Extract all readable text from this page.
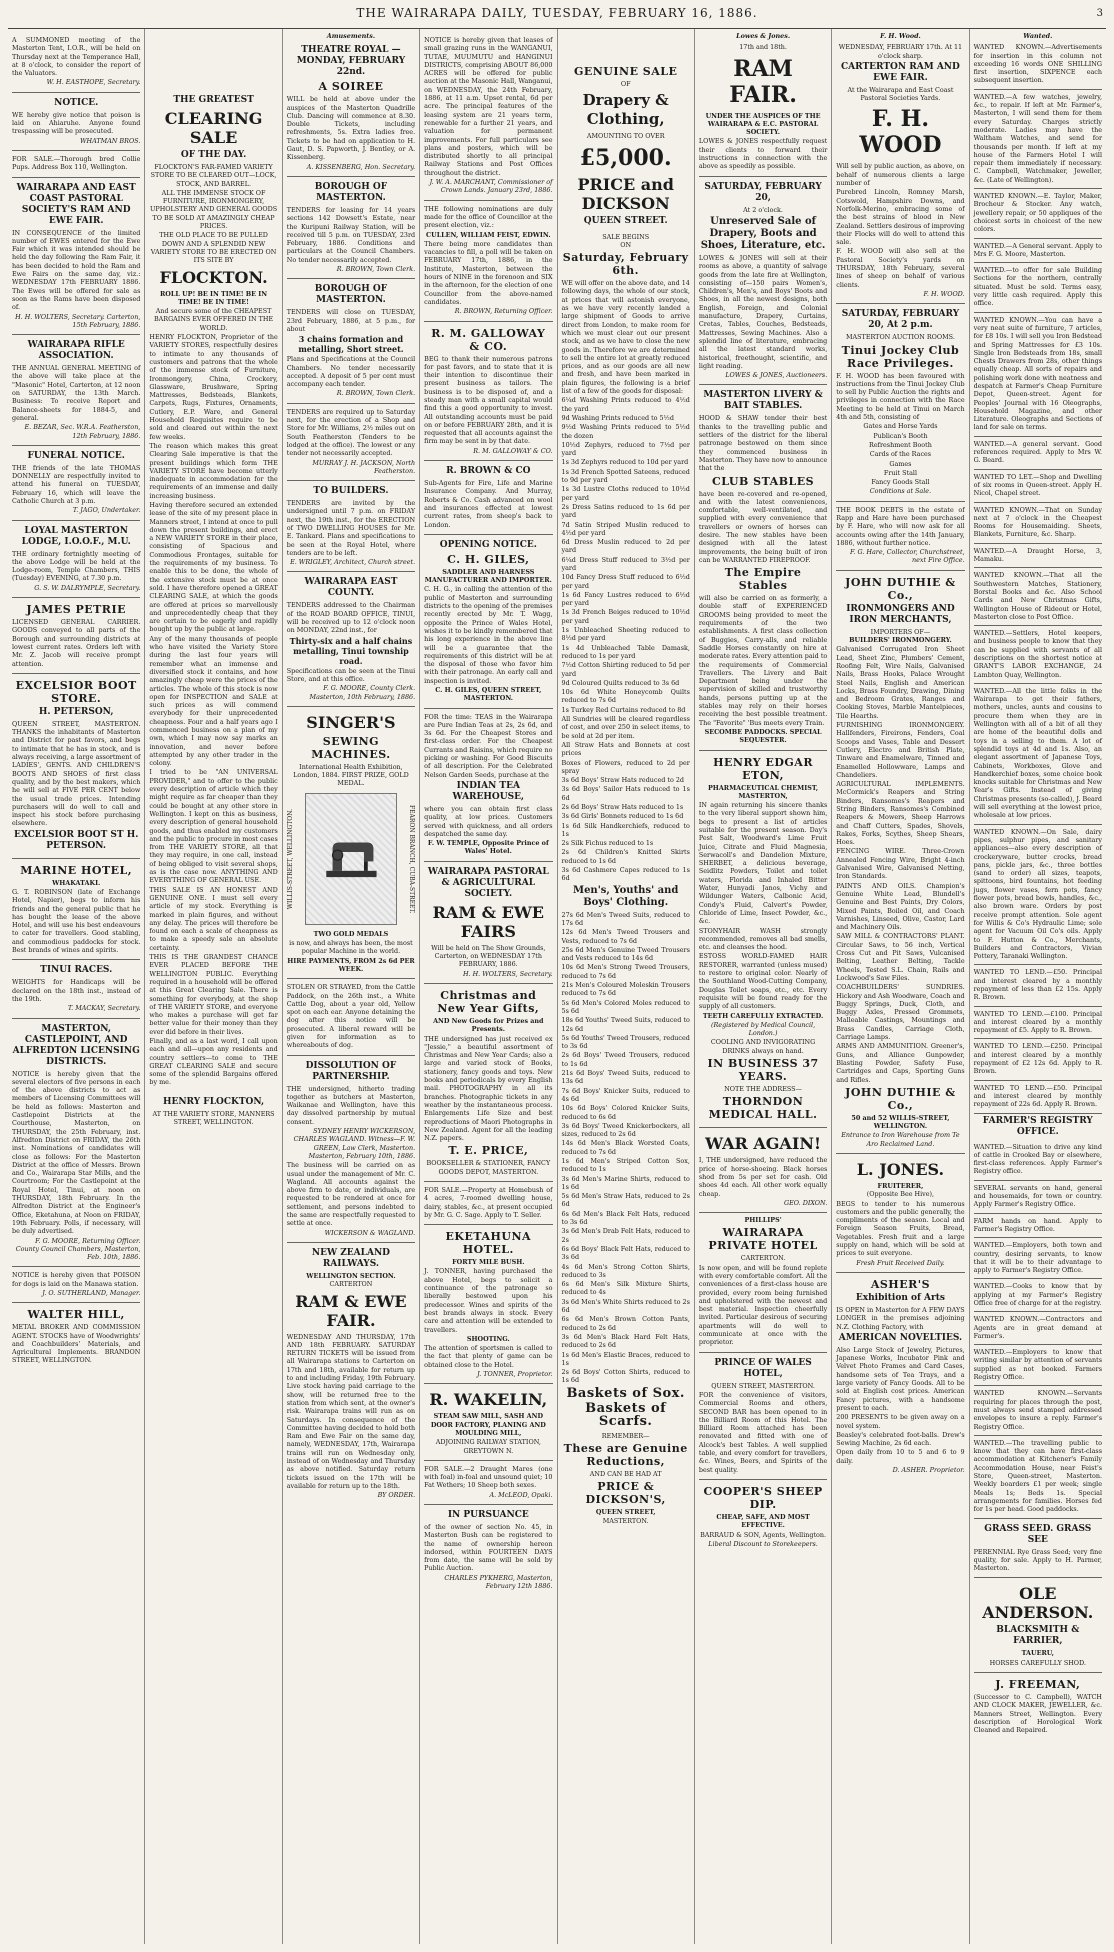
THE WAIRARAPA DAILY, TUESDAY, FEBRUARY 16, 1886.	3

A SUMMONED meeting of the Masterton Tent, I.O.R., will be held on Thursday next at the Temperance Hall, at 8 o'clock, to consider the report of the Valuators.

W. H. EASTHOPE, Secretary.

NOTICE.

WE hereby give notice that poison is laid on Ahiaruhe. Anyone found trespassing will be prosecuted.

WHATMAN BROS.

FOR SALE.—Thorough bred Collie Pups. Address Box 110, Wellington.

WAIRARAPA AND EAST COAST PASTORAL SOCIETY'S RAM AND EWE FAIR.

IN CONSEQUENCE of the limited number of EWES entered for the Ewe Fair which it was intended should be held the day following the Ram Fair, it has been decided to hold the Ram and Ewe Fairs on the same day, viz.: WEDNESDAY 17th FEBRUARY 1886. The Ewes will be offered for sale as soon as the Rams have been disposed of.

H. H. WOLTERS, Secretary. Carterton, 15th February, 1886.

WAIRARAPA RIFLE ASSOCIATION.

THE ANNUAL GENERAL MEETING of the above will take place at the "Masonic" Hotel, Carterton, at 12 noon on SATURDAY, the 13th March. Business: To receive Report and Balance-sheets for 1884-5, and general.

E. BEZAR, Sec. W.R.A. Featherston, 12th February, 1886.

FUNERAL NOTICE.

THE friends of the late THOMAS DONNELLY are respectfully invited to attend his funeral on TUESDAY, February 16, which will leave the Catholic Church at 3 p.m.

T. JAGO, Undertaker.

LOYAL MASTERTON LODGE, I.O.O.F., M.U.

THE ordinary fortnightly meeting of the above Lodge will be held at the Lodge-room, Temple Chambers, THIS (Tuesday) EVENING, at 7.30 p.m.

G. S. W. DALRYMPLE, Secretary.

JAMES PETRIE

LICENSED GENERAL CARRIER. GOODS conveyed to all parts of the Borough and surrounding districts at lowest current rates. Orders left with Mr. Z. Jacob will receive prompt attention.

EXCELSIOR BOOT STORE.
H. PETERSON,

QUEEN STREET, MASTERTON. THANKS the inhabitants of Masterton and District for past favors, and begs to intimate that he has in stock, and is always receiving, a large assortment of LADIES', GENTS. AND CHILDREN'S BOOTS AND SHOES of first class quality, and by the best makers, which he will sell at FIVE PER CENT below the usual trade prices. Intending purchasers will do well to call and inspect his stock before purchasing elsewhere.

EXCELSIOR BOOT ST H. PETERSON.
MARINE HOTEL,
WHAKATAKI.

G. T. ROBINSON (late of Exchange Hotel, Napier), begs to inform his friends and the general public that he has bought the lease of the above Hotel, and will use his best endeavours to cater for travellers. Good stabling, and commodious paddocks for stock. Best brands of wines and spirits.

TINUI RACES.

WEIGHTS for Handicaps will be declared on the 18th inst., instead of the 19th.

T. MACKAY, Secretary.

MASTERTON, CASTLEPOINT, AND ALFREDTON LICENSING DISTRICTS.

NOTICE is hereby given that the several electors of five persons in each of the above districts to act as members of Licensing Committees will be held as follows: Masterton and Castlepoint Districts at the Courthouse, Masterton, on THURSDAY, the 25th February, inst. Alfredton District on FRIDAY, the 26th inst. Nominations of candidates will close as follows: For the Masterton District at the office of Messrs. Brown and Co., Wairarapa Star Mills, and the Courtroom; For the Castlepoint at the Royal Hotel, Tinui, at noon on THURSDAY, 18th February. In the Alfredton District at the Engineer's Office, Eketahuna, at Noon on FRIDAY, 19th February. Polls, if necessary, will be duly advertised.

F. G. MOORE, Returning Officer. County Council Chambers, Masterton, Feb. 10th, 1886.

NOTICE is hereby given that POISON for dogs is laid on the Manawa station.

J. O. SUTHERLAND, Manager.

WALTER HILL,

METAL BROKER AND COMMISSION AGENT. STOCKS have of Woodwrights' and Coachbuilders' Materials, and Agricultural Implements. BRANDON STREET, WELLINGTON.

THE GREATEST
CLEARING SALE
OF THE DAY.

FLOCKTON'S FAR-FAMED VARIETY STORE TO BE CLEARED OUT—LOCK, STOCK, AND BARREL.

ALL THE IMMENSE STOCK OF FURNITURE, IRONMONGERY, UPHOLSTERY AND GENERAL GOODS TO BE SOLD AT AMAZINGLY CHEAP PRICES.

THE OLD PLACE TO BE PULLED DOWN AND A SPLENDID NEW VARIETY STORE TO BE ERECTED ON ITS SITE BY

FLOCKTON.

ROLL UP! BE IN TIME! BE IN TIME! BE IN TIME!

And secure some of the CHEAPEST BARGAINS EVER OFFERED IN THE WORLD.

HENRY FLOCKTON, Proprietor of the VARIETY STORES, respectfully desires to intimate to any thousands of customers and patrons that the whole of the immense stock of Furniture, Ironmongery, China, Crockery, Glassware, Brushware, Spring Mattresses, Bedsteads, Blankets, Carpets, Rugs, Fixtures, Ornaments, Cutlery, E.P. Ware, and General Household Requisites require to be sold and cleared out within the next few weeks.

The reason which makes this great Clearing Sale imperative is that the present buildings which form THE VARIETY STORE have become utterly inadequate in accommodation for the requirements of an immense and daily increasing business.

Having therefore secured an extended lease of the site of my present place in Manners street, I intend at once to pull down the present buildings, and erect a NEW VARIETY STORE in their place, consisting of Spacious and Commodious Frontages, suitable for the requirements of my business. To enable this to be done, the whole of the extensive stock must be at once sold. I have therefore opened a GREAT CLEARING SALE, at which the goods are offered at prices so marvellously and unprecedentedly cheap that they are certain to be eagerly and rapidly bought up by the public at large.

Any of the many thousands of people who have visited the Variety Store during the last four years will remember what an immense and diversified stock it contains, and how amazingly cheap were the prices of the articles. The whole of this stock is now open for INSPECTION and SALE at such prices as will commend everybody for their unprecedented cheapness. Four and a half years ago I commenced business on a plan of my own, which I may now say marks an innovation, and never before attempted by any other trader in the colony.

I tried to be "AN UNIVERSAL PROVIDER," and to offer to the public every description of article which they might require as far cheaper than they could be bought at any other store in Wellington. I kept on this as business, every description of general household goods, and thus enabled my customers and the public to procure in most cases from THE VARIETY STORE, all that they may require, in one call, instead of being obliged to visit several shops, as is the case now. ANYTHING AND EVERYTHING OF GENERAL USE.

THIS SALE IS AN HONEST AND GENUINE ONE. I must sell every article of my stock. Everything is marked in plain figures, and without any delay. The prices will therefore be found on each a scale of cheapness as to make a speedy sale an absolute certainty.

THIS IS THE GRANDEST CHANCE EVER PLACED BEFORE THE WELLINGTON PUBLIC. Everything required in a household will be offered at this Great Clearing Sale. There is something for everybody, at the shop of THE VARIETY STORE, and everyone who makes a purchase will get far better value for their money than they ever did before in their lives.

Finally, and as a last word, I call upon each and all—upon any residents and country settlers—to come to THE GREAT CLEARING SALE and secure some of the splendid Bargains offered by me.

HENRY FLOCKTON,

AT THE VARIETY STORE, MANNERS STREET, WELLINGTON.

Amusements.
THEATRE ROYAL — MONDAY, FEBRUARY 22nd.
A SOIREE

WILL be held at above under the auspices of the Masterton Quadrille Club. Dancing will commence at 8.30. Double Tickets, including refreshments, 5s. Extra ladies free. Tickets to be had on application to H. Gaut, D. S. Papworth, J. Bentley, or A. Kissenberg.

A. KISSENBERG, Hon. Secretary.

BOROUGH OF MASTERTON.

TENDERS for leasing for 14 years sections 142 Dowsett's Estate, near the Kuripuni Railway Station, will be received till 5 p.m. on TUESDAY, 23rd February, 1886. Conditions and particulars at the Council Chambers. No tender necessarily accepted.

R. BROWN, Town Clerk.

BOROUGH OF MASTERTON.

TENDERS will close on TUESDAY, 23rd February, 1886, at 5 p.m., for about

3 chains formation and metalling, Short street.

Plans and Specifications at the Council Chambers. No tender necessarily accepted. A deposit of 5 per cent must accompany each tender.

R. BROWN, Town Clerk.

TENDERS are required up to Saturday next, for the erection of a Shop and Store for Mr. Williams, 2½ miles out on South Featherston (Tenders to be lodged at the office). The lowest or any tender not necessarily accepted.

MURRAY J. H. JACKSON, North Featherston.

TO BUILDERS.

TENDERS are invited by the undersigned until 7 p.m. on FRIDAY next, the 19th inst., for the ERECTION of TWO DWELLING HOUSES for Mr. E. Tankard. Plans and specifications to be seen at the Royal Hotel, where tenders are to be left.

E. WRIGLEY, Architect, Church street.

WAIRARAPA EAST COUNTY.

TENDERS addressed to the Chairman of the ROAD BOARD OFFICE, TINUI, will be received up to 12 o'clock noon on MONDAY, 22nd inst., for

Thirty-six and a half chains metalling, Tinui township road.

Specifications can be seen at the Tinui Store, and at this office.

F. G. MOORE, County Clerk. Masterton, 10th February, 1886.

SINGER'S
SEWING MACHINES.

International Health Exhibition, London, 1884. FIRST PRIZE, GOLD MEDAL.

WILLIS-STREET, WELLINGTON.	FEARON BRANCH, CUBA-STREET.

TWO GOLD MEDALS

is now, and always has been, the most popular Machine in the world.

HIRE PAYMENTS, FROM 2s 6d PER WEEK.

STOLEN OR STRAYED, from the Cattle Paddock, on the 26th inst., a White Cattle Dog, about a year old, Yellow spot on each ear. Anyone detaining the dog after this notice will be prosecuted. A liberal reward will be given for information as to whereabouts of dog.

DISSOLUTION OF PARTNERSHIP.

THE undersigned, hitherto trading together as butchers at Masterton, Waikanae and Wellington, have this day dissolved partnership by mutual consent.

SYDNEY HENRY WICKERSON, CHARLES WAGLAND. Witness—F. W. GREEN, Law Clerk, Masterton. Masterton, February 10th, 1886.

The business will be carried on as usual under the management of Mr. C. Wagland. All accounts against the above firm to date, or individuals, are requested to be rendered at once for settlement, and persons indebted to the same are respectfully requested to settle at once.

WICKERSON & WAGLAND.

NEW ZEALAND RAILWAYS.
WELLINGTON SECTION.
CARTERTON
RAM & EWE FAIR.

WEDNESDAY AND THURSDAY, 17th AND 18th FEBRUARY. SATURDAY RETURN TICKETS will be issued from all Wairarapa stations to Carterton on 17th and 18th, available for return up to and including Friday, 19th February. Live stock having paid carriage to the show, will be returned free to the station from which sent, at the owner's risk. Wairarapa trains will run as on Saturdays. In consequence of the Committee having decided to hold both Ram and Ewe Fair on the same day, namely, WEDNESDAY, 17th, Wairarapa trains will run on Wednesday only, instead of on Wednesday and Thursday as above notified. Saturday return tickets issued on the 17th will be available for return up to the 18th.

BY ORDER.

NOTICE is hereby given that leases of small grazing runs in the WANGANUI, TUTAE, MUUMUTU and HANGINUI DISTRICTS, comprising ABOUT 86,000 ACRES will be offered for public auction at the Masonic Hall, Wanganui, on WEDNESDAY, the 24th February, 1886, at 11 a.m. Upset rental, 6d per acre. The principal features of the leasing system are 21 years term, renewable for a further 21 years, and valuation for permanent improvements. For full particulars see plans and posters, which will be distributed shortly to all principal Railway Stations and Post Offices throughout the district.

J. W. A. MARCHANT, Commissioner of Crown Lands. January 23rd, 1886.

THE following nominations are duly made for the office of Councillor at the present election, viz.:

CULLEN, WILLIAM FEIST, EDWIN.

There being more candidates than vacancies to fill, a poll will be taken on FEBRUARY 17th, 1886, in the Institute, Masterton, between the hours of NINE in the forenoon and SIX in the afternoon, for the election of one Councillor from the above-named candidates.

R. BROWN, Returning Officer.

R. M. GALLOWAY & CO.

BEG to thank their numerous patrons for past favors, and to state that it is their intention to discontinue their present business as tailors. The business is to be disposed of, and a steady man with a small capital would find this a good opportunity to invest. All outstanding accounts must be paid on or before FEBRUARY 28th, and it is requested that all accounts against the firm may be sent in by that date.

R. M. GALLOWAY & CO.

R. BROWN & CO

Sub-Agents for Fire, Life and Marine Insurance Company. And Murray, Roberts & Co. Cash advanced on wool and insurances effected at lowest current rates, from sheep's back to London.

OPENING NOTICE.
C. H. GILES,
SADDLER AND HARNESS MANUFACTURER AND IMPORTER.

C. H. G., in calling the attention of the public of Masterton and surrounding districts to the opening of the premises recently erected by Mr. T. Wagg, opposite the Prince of Wales Hotel, wishes it to be kindly remembered that his long experience in the above line will be a guarantee that the requirements of this district will be at the disposal of those who favor him with their patronage. An early call and inspection is invited.

C. H. GILES, QUEEN STREET, MASTERTON.

FOR the time: TEAS in the Wairarapa are Pure Indian Teas at 2s, 2s 6d, and 3s 6d. For the Cheapest Stores and first-class order. For the Cheapest Currants and Raisins, which require no picking or washing. For Good Biscuits of all description. For the Celebrated Nelson Garden Seeds, purchase at the

INDIAN TEA WAREHOUSE,

where you can obtain first class quality, at low prices. Customers served with quickness, and all orders despatched the same day.

F. W. TEMPLE, Opposite Prince of Wales' Hotel.

WAIRARAPA PASTORAL & AGRICULTURAL SOCIETY.
RAM & EWE FAIRS

Will be held on The Show Grounds, Carterton, on WEDNESDAY 17th FEBRUARY, 1886.

H. H. WOLTERS, Secretary.

Christmas and New Year Gifts,
AND New Goods for Prizes and Presents.

THE undersigned has just received ex "Jessie," a beautiful assortment of Christmas and New Year Cards; also a large and varied stock of Books, stationery, fancy goods and toys. New books and periodicals by every English mail. PHOTOGRAPHY in all its branches. Photographic tickets in any weather by the instantaneous process. Enlargements Life Size and best reproductions of Maori Photographs in New Zealand. Agent for all the leading N.Z. papers.

T. E. PRICE,

BOOKSELLER & STATIONER, FANCY GOODS DEPOT, MASTERTON.

FOR SALE.—Property at Homebush of 4 acres, 7-roomed dwelling house, dairy, stables, &c., at present occupied by Mr. G. C. Sage. Apply to T. Seller.

EKETAHUNA HOTEL.
FORTY MILE BUSH.

J. TONNER, having purchased the above Hotel, begs to solicit a continuance of the patronage so liberally bestowed upon his predecessor. Wines and spirits of the best brands always in stock. Every care and attention will be extended to travellers.

SHOOTING.

The attention of sportsmen is called to the fact that plenty of game can be obtained close to the Hotel.

J. TONNER, Proprietor.

R. WAKELIN,
STEAM SAW MILL, SASH AND DOOR FACTORY, PLANING AND MOULDING MILL,

ADJOINING RAILWAY STATION, GREYTOWN N.

FOR SALE.—2 Draught Mares (one with foal) in-foal and unsound quiet; 10 Fat Wethers; 10 Sheep both sexes.

A. McLEOD, Opaki.

IN PURSUANCE

of the owner of section No. 45, in Masterton Bush can be registered to the name of ownership hereon indorsed, within FOURTEEN DAYS from date, the same will be sold by Public Auction.

CHARLES PYKHERG, Masterton, February 12th 1886.

GENUINE SALE
OF
Drapery & Clothing,
AMOUNTING TO OVER
£5,000.
PRICE and DICKSON
QUEEN STREET.
SALE BEGINS
ON
Saturday, February 6th.

WE will offer on the above date, and 14 following days, the whole of our stock, at prices that will astonish everyone, as we have very recently landed a large shipment of Goods to arrive direct from London, to make room for which we must clear out our present stock, and as we have to close the new goods in. Therefore we are determined to sell the entire lot at greatly reduced prices, and as our goods are all new and fresh, and have been marked in plain figures, the following is a brief list of a few of the goods for disposal:

6¼d Washing Prints reduced to 4½d the yard

9d Washing Prints reduced to 5½d

9½d Washing Prints reduced to 5½d the dozen

10½d Zephyrs, reduced to 7½d per yard

1s 3d Zephyrs reduced to 10d per yard

1s 3d French Spotted Sateens, reduced to 9d per yard

1s 3d Lustre Cloths reduced to 10½d per yard

2s Dress Satins reduced to 1s 6d per yard

7d Satin Striped Muslin reduced to 4½d per yard

6d Dress Muslin reduced to 2d per yard

6¼d Dress Stuff reduced to 3½d per yard

10d Fancy Dress Stuff reduced to 6½d per yard

1s 6d Fancy Lustres reduced to 6½d per yard

1s 3d French Beiges reduced to 10½d per yard

1s Unbleached Sheeting reduced to 8½d per yard

1s 4d Unbleached Table Damask, reduced to 1s per yard

7½d Cotton Shirting reduced to 5d per yard

9d Coloured Quilts reduced to 3s 6d

10s 6d White Honeycomb Quilts reduced to 7s 6d

1s Turkey Red Curtains reduced to 8d

All Sundries will be cleared regardless of cost, and over 250 in select items, to be sold at 2d per item.

All Straw Hats and Bonnets at cost prices

Boxes of Flowers, reduced to 2d per spray

3s 6d Boys' Straw Hats reduced to 2d

3s 6d Boys' Sailor Hats reduced to 1s 6d

2s 6d Boys' Straw Hats reduced to 1s

3s 6d Girls' Bonnets reduced to 1s 6d

1s 6d Silk Handkerchiefs, reduced to 1s

2s Silk Fichus reduced to 1s

2s 6d Children's Knitted Skirts reduced to 1s 6d

3s 6d Cashmere Capes reduced to 1s 6d

Men's, Youths' and Boys' Clothing.

27s 6d Men's Tweed Suits, reduced to 17s 6d

12s 6d Men's Tweed Trousers and Vests, reduced to 7s 6d

25s 6d Men's Genuine Tweed Trousers and Vests reduced to 14s 6d

10s 6d Men's Strong Tweed Trousers, reduced to 7s 6d

21s Men's Coloured Moleskin Trousers reduced to 7s 6d

5s 6d Men's Colored Moles reduced to 5s 6d

18s 6d Youths' Tweed Suits, reduced to 12s 6d

5s 6d Youths' Tweed Trousers, reduced to 3s 6d

2s 6d Boys' Tweed Trousers, reduced to 1s 6d

21s 6d Boys' Tweed Suits, reduced to 13s 6d

7s 6d Boys' Knicker Suits, reduced to 4s 6d

10s 6d Boys' Colored Knicker Suits, reduced to 6s 6d

3s 6d Boys' Tweed Knickerbockers, all sizes, reduced to 2s 6d

14s 6d Men's Black Worsted Coats, reduced to 7s 6d

1s 6d Men's Striped Cotton Sox, reduced to 1s

3s 6d Men's Marine Shirts, reduced to 1s 6d

5s 6d Men's Straw Hats, reduced to 2s 6d

6s 6d Men's Black Felt Hats, reduced to 3s 6d

3s 6d Men's Drab Felt Hats, reduced to 2s

6s 6d Boys' Black Felt Hats, reduced to 3s 6d

4s 6d Men's Strong Cotton Shirts, reduced to 3s

6s 6d Men's Silk Mixture Shirts, reduced to 4s

3s 6d Men's White Shirts reduced to 2s 6d

6s 6d Men's Brown Cotton Pants, reduced to 2s 6d

3s 6d Men's Black Hard Felt Hats, reduced to 2s 6d

1s 6d Men's Elastic Braces, reduced to 1s

2s 6d Boys' Cotton Shirts, reduced to 1s 6d

Baskets of Sox.
Baskets of Scarfs.
REMEMBER—
These are Genuine Reductions,
AND CAN BE HAD AT
PRICE & DICKSON'S,
QUEEN STREET,
MASTERTON.
Lowes & Jones.
17th and 18th.
RAM FAIR.
UNDER THE AUSPICES OF THE WAIRARAPA & E.C. PASTORAL SOCIETY.

LOWES & JONES respectfully request their clients to forward their instructions in connection with the above as speedily as possible.

SATURDAY, FEBRUARY 20,
At 2 o'clock.
Unreserved Sale of Drapery, Boots and Shoes, Literature, etc.

LOWES & JONES will sell at their rooms as above, a quantity of salvage goods from the late fire at Wellington, consisting of—150 pairs Women's, Children's, Men's, and Boys' Boots and Shoes, in all the newest designs, both English, Foreign, and Colonial manufacture, Drapery, Curtains, Cretas, Tables, Couches, Bedsteads, Mattresses, Sewing Machines. Also a splendid line of literature, embracing all the latest standard works, historical, freethought, scientific, and light reading.

LOWES & JONES, Auctioneers.

MASTERTON LIVERY & BAIT STABLES.

HOOD & SHAW tender their best thanks to the travelling public and settlers of the district for the liberal patronage bestowed on them since they commenced business in Masterton. They have now to announce that the

CLUB STABLES

have been re-covered and re-opened, and with the latest conveniences, comfortable, well-ventilated, and supplied with every convenience that travellers or owners of horses can desire. The new stables have been designed with all the latest improvements, the being built of iron can be WARRANTED FIREPROOF.

The Empire Stables

will also be carried on as formerly, a double staff of EXPERIENCED GROOMS being provided to meet the requirements of the two establishments. A first class collection of Buggies, Carry-alls, and reliable Saddle Horses constantly on hire at moderate rates. Every attention paid to the requirements of Commercial Travellers. The Livery and Bait Department being under the supervision of skilled and trustworthy hands, persons putting up at the stables may rely on their horses receiving the best possible treatment. The "Favorite" 'Bus meets every Train.

SECOMBE PADDOCKS. SPECIAL SEQUESTER.

HENRY EDGAR ETON,
PHARMACEUTICAL CHEMIST, MASTERTON,

IN again returning his sincere thanks to the very liberal support shown him, begs to present a list of articles suitable for the present season. Day's Pest Salt, Woodward's Lime Fruit Juice, Citrate and Fluid Magnesia, Serwacoll's and Dandelion Mixture, SHERBET, a delicious beverage, Seidlitz Powders, Toilet and toilet waters, Florida and Inhaled Bitter Water, Hunyadi Janos, Vichy and Wildunger Waters, Calbonic Acid, Condy's Fluid, Calvert's Powder, Chloride of Lime, Insect Powder, &c., &c.

STONYHAIR WASH strongly recommended, removes all bad smells, etc. and cleanses the hood.

ESTOSS WORLD-FAMED HAIR RESTORER, warranted (unless mused) to restore to original color. Nearly of the Southland Wood-Cutting Company, Douglas Toilet soaps, etc., etc. Every requisite will be found ready for the supply of all customers.

TEETH CAREFULLY EXTRACTED.

(Registered by Medical Council, London.)

COOLING AND INVIGORATING DRINKS always on hand.

IN BUSINESS 37 YEARS.
NOTE THE ADDRESS—
THORNDON MEDICAL HALL.
WAR AGAIN!

I, THE undersigned, have reduced the price of horse-shoeing. Black horses shod from 5s per set for cash. Old shoes 4d each. All other work equally cheap.

GEO. DIXON.

PHILLIPS'
WAIRARAPA PRIVATE HOTEL
CARTERTON.

Is now open, and will be found replete with every comfortable comfort. All the conveniences of a first-class house are provided, every room being furnished and upholstered with the newest and best material. Inspection cheerfully invited. Particular desirous of securing apartments will do well to communicate at once with the proprietor.

PRINCE OF WALES HOTEL,
QUEEN STREET, MASTERTON.

FOR the convenience of visitors, Commercial Rooms and others, SECOND BAR has been opened to in the Billiard Room of this Hotel. The Billiard Room attached has been renovated and fitted with one of Alcock's best Tables. A well supplied table, and every comfort for travellers, &c. Wines, Beers, and Spirits of the best quality.

COOPER'S SHEEP DIP.
CHEAP, SAFE, AND MOST EFFECTIVE.

BARRAUD & SON, Agents, Wellington.

Liberal Discount to Storekeepers.

F. H. Wood.
WEDNESDAY, FEBRUARY 17th. At 11 o'clock sharp.
CARTERTON RAM AND EWE FAIR.
At the Wairarapa and East Coast Pastoral Societies Yards.
F. H. WOOD

Will sell by public auction, as above, on behalf of numerous clients a large number of

Purebred Lincoln, Romney Marsh, Cotswold, Hampshire Downs, and Norfolk-Merino, embracing some of the best strains of blood in New Zealand. Settlers desirous of improving their Flocks will do well to attend this sale.

F. H. WOOD will also sell at the Pastoral Society's yards on THURSDAY, 18th February, several lines of sheep on behalf of various clients.

F. H. WOOD.

SATURDAY, FEBRUARY 20, At 2 p.m.
MASTERTON AUCTION ROOMS.
Tinui Jockey Club Race Privileges.

F. H. WOOD has been favoured with instructions from the Tinui Jockey Club to sell by Public Auction the rights and privileges in connection with the Race Meeting to be held at Tinui on March 4th and 5th, consisting of

Gates and Horse Yards

Publican's Booth

Refreshment Booth

Cards of the Races

Games

Fruit Stall

Fancy Goods Stall

Conditions at Sale.

THE BOOK DEBTS in the estate of Rapp and Hare have been purchased by F. Hare, who will now ask for all accounts owing after the 14th January, 1886, without further notice.

F. G. Hare, Collector, Churchstreet, next Fire Office.

JOHN DUTHIE & Co.,
IRONMONGERS AND IRON MERCHANTS,
IMPORTERS OF—
BUILDERS' IRONMONGERY.

Galvanised Corrugated Iron Sheet Lead, Sheet Zinc, Plumbers' Cement, Roofing Felt, Wire Nails, Galvanised Nails, Brass Hooks, Palace Wrought Steel Nails, English and American Locks, Brass Foundry, Drawing, Dining and Bedroom Grates, Ranges and Cooking Stoves, Marble Mantelpieces, Tile Hearths.

FURNISHING IRONMONGERY. Hallfenders, Fireirons, Fenders, Coal Scoops and Vases, Table and Dessert Cutlery, Electro and British Plate, Tinware and Enamelware, Tinned and Enamelled Hollowware, Lamps and Chandeliers.

AGRICULTURAL IMPLEMENTS. McCormick's Reapers and String Binders, Ransomes's Reapers and String Binders, Ransomes's Combined Reapers & Mowers, Sheep Harrows and Chaff Cutters, Spades, Shovels, Rakes, Forks, Scythes, Sheep Shears, Hoes.

FENCING WIRE. Three-Crown Annealed Fencing Wire, Bright 4-inch Galvanised Wire, Galvanised Netting, Iron Standards.

PAINTS AND OILS. Champion's Genuine White Lead, Blundell's Genuine and Best Paints, Dry Colors, Mixed Paints, Boiled Oil, and Coach Varnishes, Linseed, Olive, Castor, Lard and Machinery Oils.

SAW MILL & CONTRACTORS' PLANT. Circular Saws, to 56 inch, Vertical Cross Cut and Pit Saws, Vulcanised Belting, Leather Belting, Tackle Wheels, Tested S.L. Chain, Rails and Lockwood's Saw Files.

COACHBUILDERS' SUNDRIES. Hickory and Ash Woodware, Coach and Buggy Springs, Duck, Cloth, and Buggy Axles, Pressed Grommets, Malleable Castings, Mountings and Brass Candles, Carriage Cloth, Carriage Lamps.

ARMS AND AMMUNITION. Greener's, Guns, and Alliance Gunpowder, Blasting Powder, Safety Fuse, Cartridges and Caps, Sporting Guns and Rifles.

JOHN DUTHIE & Co.,

50 and 52 WILLIS-STREET, WELLINGTON.

Entrance to Iron Warehouse from Te Aro Reclaimed Land.

L. JONES.
FRUITERER,
(Opposite Bee Hive),

BEGS to tender to his numerous customers and the public generally, the compliments of the season. Local and Foreign Season Fruits, Bread, Vegetables. Fresh fruit and a large supply on hand, which will be sold at prices to suit everyone.

Fresh Fruit Received Daily.

ASHER'S
Exhibition of Arts

IS OPEN in Masterton for A FEW DAYS LONGER in the premises adjoining N.Z. Clothing Factory, with

AMERICAN NOVELTIES.

Also Large Stock of Jewelry, Pictures, Japanese Works, Incubator Pink and Velvet Photo Frames and Card Cases, handsome sets of Tea Trays, and a large variety of Fancy Goods. All to be sold at English cost prices. American Fancy pictures, with a handsome present to each.

200 PRESENTS to be given away on a novel system.

Beasley's celebrated foot-balls. Drew's Sewing Machine, 2s 6d each.

Open daily from 10 to 5 and 6 to 9 daily.

D. ASHER. Proprietor.

Wanted.
WANTED KNOWN.—Advertisements for insertion in this column not exceeding 16 words ONE SHILLING first insertion, SIXPENCE each subsequent insertion.
WANTED.—A few watches, jewelry, &c., to repair. If left at Mr. Farmer's, Masterton, I will send them for them every Saturday. Charges strictly moderate. Ladies may have the Waltham Watches, and send for thousands per month. If left at my house of the Farmers Hotel I will repair them immediately if necessary. C. Campbell, Watchmaker, Jeweller, &c. (Late of Wellington).
WANTED KNOWN.—E. Taylor, Maker, Brocheur & Stocker. Any watch, jewellery repair, or 50 appliques of the choicest sorts in choicest of the new colors.
WANTED.—A General servant. Apply to Mrs F. G. Moore, Masterton.
WANTED.—to offer for sale Building Sections for the northern, centrally situated. Must be sold. Terms easy, very little cash required. Apply this office.
WANTED KNOWN.—You can have a very neat suite of furniture, 7 articles, for £8 10s. I will sell you Iron Bedstead and Spring Mattresses for £3 10s. Single Iron Bedsteads from 18s, small Chests Drawers from 28s, other things equally cheap. All sorts of repairs and polishing work done with neatness and despatch at Farmer's Cheap Furniture Depot, Queen-street. Agent for Peoples' Journal with 16 Oleographs, Household Magazine, and other Literature. Oleographs and Sections of land for sale on terms.
WANTED.—A general servant. Good references required. Apply to Mrs W. G. Beard.
WANTED TO LET.—Shop and Dwelling of six rooms in Queen-street. Apply H. Nicol, Chapel street.
WANTED KNOWN.—That on Sunday next at 7 o'clock in the Cheapest Rooms for Housemaiding. Sheets, Blankets, Furniture, &c. Sharp.
WANTED.—A Draught Horse, 3, Mamaku.
WANTED KNOWN.—That all the Southwestern Matches, Stationery, Borstal Books and &c. Also School Cards and New Christmas Gifts, Wellington House of Rideout or Hotel, Masterton close to Post Office.
WANTED.—Settlers, Hotel keepers, and business people to know that they can be supplied with servants of all descriptions on the shortest notice at GRANT'S LABOR EXCHANGE, 24 Lambton Quay, Wellington.
WANTED.—All the little folks in the Wairarapa to get their fathers, mothers, uncles, aunts and cousins to procure them when they are in Wellington with all of a bit of all they are home of the beautiful dolls and toys in a selling to them. A lot of splendid toys at 4d and 1s. Also, an elegant assortment of Japanese Toys, Cabinets, Workboxes, Glove and Handkerchief boxes, some choice book knocks suitable for Christmas and New Year's Gifts. Instead of giving Christmas presents (so-called), J. Beard will sell everything at the lowest price, wholesale at low prices.
WANTED KNOWN.—On Sale, dairy pipes, sulphur pipes, and sanitary appliances—also every description of crockeryware, butter crocks, bread pans, pickle jars, &c., three bottles (sand to order) all sizes, teapots, spittoons, bird fountains, hot feeding jugs, flower vases, fern pots, fancy flower pots, bread bowls, handles, &c., also brown ware. Orders by post receive prompt attention. Sole agent for Willis & Co's Hydraulic Lime; sole agent for Vacuum Oil Co's oils. Apply to F. Hutton & Co., Merchants, Builders and Contractors, Vivian Pottery, Taranaki Wellington.
WANTED TO LEND.—£50. Principal and interest cleared by a monthly repayment of less than £2 15s. Apply R. Brown.
WANTED TO LEND.—£100. Principal and interest cleared by a monthly repayment of £5. Apply to R. Brown.
WANTED TO LEND.—£250. Principal and interest cleared by a monthly repayment of £2 12s 6d. Apply to R. Brown.
WANTED TO LEND.—£50. Principal and interest cleared by monthly repayment of 22s 6d. Apply R. Brown.
FARMER'S REGISTRY OFFICE.
WANTED.—Situation to drive any kind of cattle in Crooked Bay or elsewhere, first-class references. Apply Farmer's Registry office.
SEVERAL servants on hand, general and housemaids, for town or country. Apply Farmer's Registry Office.
FARM hands on hand. Apply to Farmer's Registry Office.
WANTED.—Employers, both town and country, desiring servants, to know that it will be to their advantage to apply to Farmer's Registry Office.
WANTED.—Cooks to know that by applying at my Farmer's Registry Office free of charge for at the registry.
WANTED KNOWN.—Contractors and Agents are in great demand at Farmer's.
WANTED.—Employers to know that writing similar by attention of servants supplied as not booked. Farmers Registry Office.
WANTED KNOWN.—Servants requiring for places through the post, must always send stamped addressed envelopes to insure a reply. Farmer's Registry Office.
WANTED.—The travelling public to know that they can have first-class accommodation at Kitchener's Family Accommodation House, near Feist's Store, Queen-street, Masterton. Weekly boarders £1 per week; single Meals 1s; Beds 1s. Special arrangements for families. Horses fed for 1s per head. Good paddocks.
GRASS SEED. GRASS SEE

PERENNIAL Rye Grass Seed; very fine quality, for sale. Apply to H. Parmer, Masterton.

OLE ANDERSON.
BLACKSMITH & FARRIER,
TAUERU,

HORSES CAREFULLY SHOD.

J. FREEMAN,

(Successor to C. Campbell), WATCH AND CLOCK MAKER, JEWELLER, &c. Manners Street, Wellington. Every description of Horological Work Cleaned and Repaired.
